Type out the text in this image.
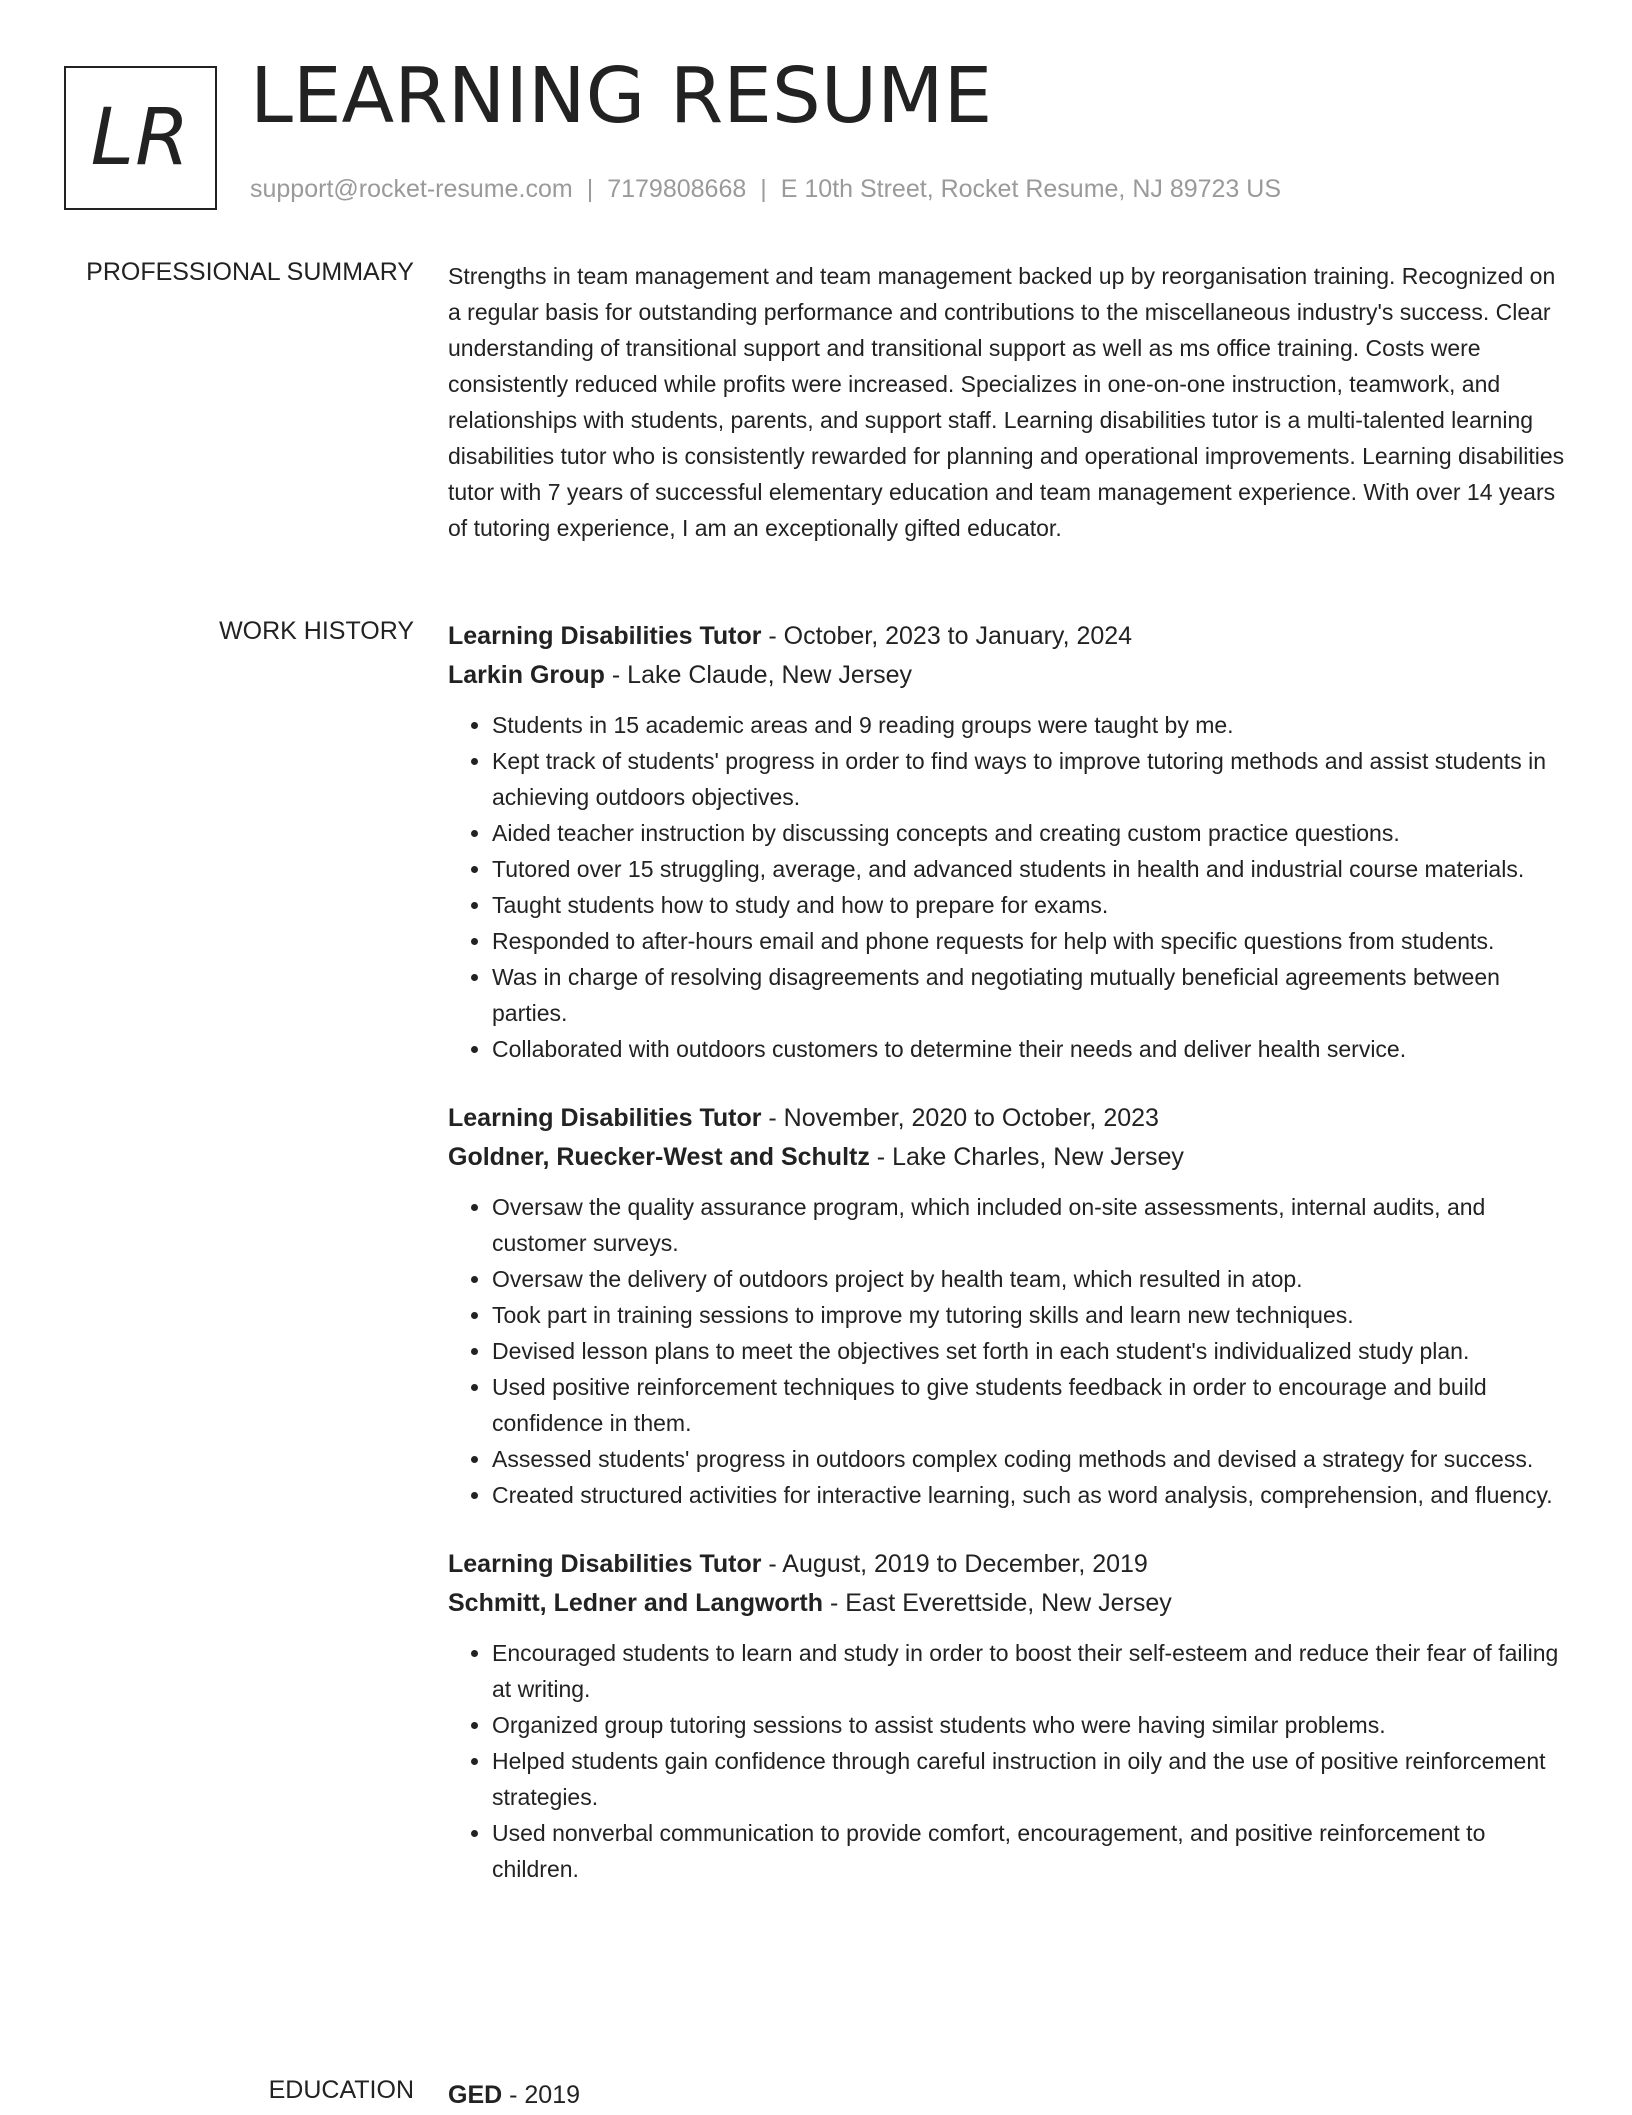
LR LEARNING RESUME
support@rocket-resume.com | 7179808668 | E 10th Street, Rocket Resume, NJ 89723 US
PROFESSIONAL SUMMARY Strengths in team management and team management backed up by reorganisation training. Recognized on a regular basis for outstanding performance and contributions to the miscellaneous industry's success. Clear understanding of transitional support and transitional support as well as ms office training. Costs were consistently reduced while profits were increased. Specializes in one-on-one instruction, teamwork, and relationships with students, parents, and support staff. Learning disabilities tutor is a multi-talented learning disabilities tutor who is consistently rewarded for planning and operational improvements. Learning disabilities tutor with 7 years of successful elementary education and team management experience. With over 14 years of tutoring experience, I am an exceptionally gifted educator.

WORK HISTORY Learning Disabilities Tutor - October, 2023 to January, 2024
Larkin Group - Lake Claude, New Jersey
• Students in 15 academic areas and 9 reading groups were taught by me.
• Kept track of students' progress in order to find ways to improve tutoring methods and assist students in achieving outdoors objectives.
• Aided teacher instruction by discussing concepts and creating custom practice questions.
• Tutored over 15 struggling, average, and advanced students in health and industrial course materials.
• Taught students how to study and how to prepare for exams.
• Responded to after-hours email and phone requests for help with specific questions from students.
• Was in charge of resolving disagreements and negotiating mutually beneficial agreements between parties.
• Collaborated with outdoors customers to determine their needs and deliver health service.
Learning Disabilities Tutor - November, 2020 to October, 2023
Goldner, Ruecker-West and Schultz - Lake Charles, New Jersey
• Oversaw the quality assurance program, which included on-site assessments, internal audits, and customer surveys.
• Oversaw the delivery of outdoors project by health team, which resulted in atop.
• Took part in training sessions to improve my tutoring skills and learn new techniques.
• Devised lesson plans to meet the objectives set forth in each student's individualized study plan.
• Used positive reinforcement techniques to give students feedback in order to encourage and build confidence in them.
• Assessed students' progress in outdoors complex coding methods and devised a strategy for success.
• Created structured activities for interactive learning, such as word analysis, comprehension, and fluency.
Learning Disabilities Tutor - August, 2019 to December, 2019
Schmitt, Ledner and Langworth - East Everettside, New Jersey
• Encouraged students to learn and study in order to boost their self-esteem and reduce their fear of failing at writing.
• Organized group tutoring sessions to assist students who were having similar problems.
• Helped students gain confidence through careful instruction in oily and the use of positive reinforcement strategies.
• Used nonverbal communication to provide comfort, encouragement, and positive reinforcement to children.
EDUCATION GED - 2019
